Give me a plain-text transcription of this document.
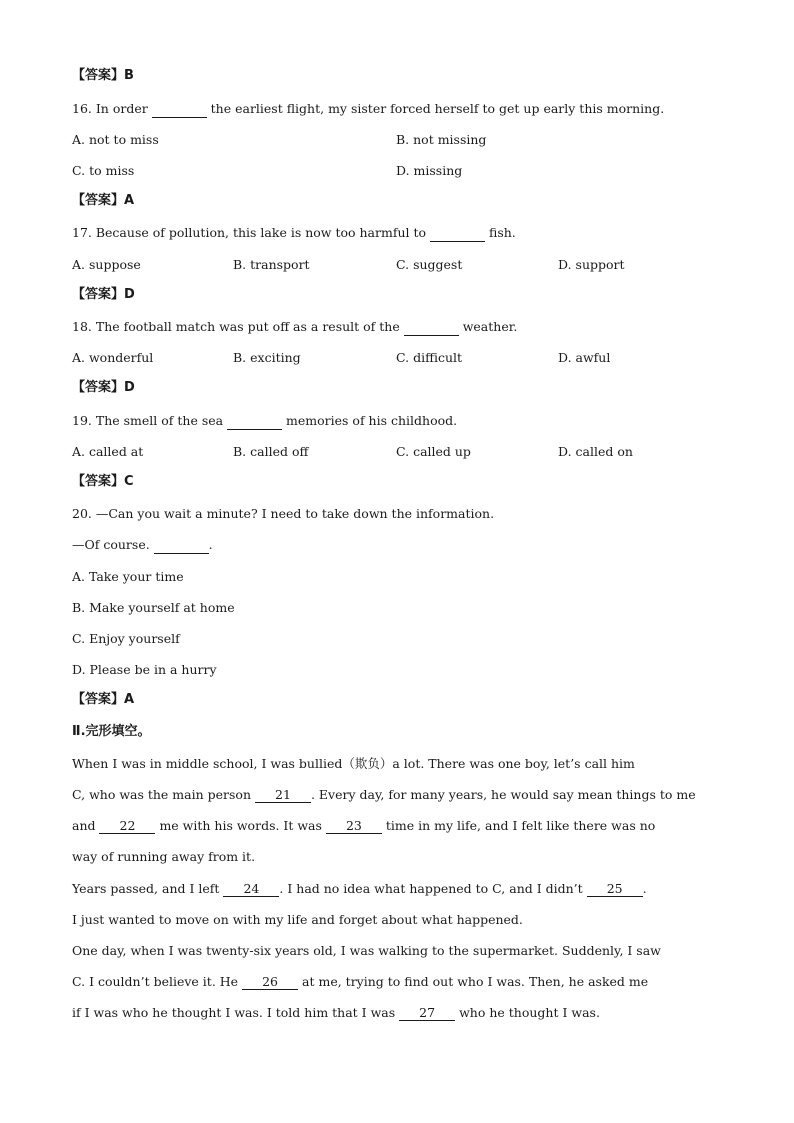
【答案】B
16. In order	the earliest flight, my sister forced herself to get up early this morning.
A. not to miss	B. not missing
C. to miss	D. missing
【答案】A
17. Because of pollution, this lake is now too harmful to	fish.
A. suppose	B. transport	C. suggest	D. support
【答案】D
18. The football match was put off as a result of the	weather.
A. wonderful	B. exciting	C. difficult	D. awful
【答案】D
19. The smell of the sea	memories of his childhood.
A. called at	B. called off	C. called up	D. called on
【答案】C
20. —Can you wait a minute? I need to take down the information.
—Of course.	.
A. Take your time
B. Make yourself at home
C. Enjoy yourself
D. Please be in a hurry
【答案】A
Ⅱ.完形填空。
When I was in middle school, I was bullied（欺负）a lot. There was one boy, let’s call him
C, who was the main person 21 . Every day, for many years, he would say mean things to me
and 22 me with his words. It was 23 time in my life, and I felt like there was no
way of running away from it.
Years passed, and I left 24 . I had no idea what happened to C, and I didn’t 25 .
I just wanted to move on with my life and forget about what happened.
One day, when I was twenty-six years old, I was walking to the supermarket. Suddenly, I saw
C. I couldn’t believe it. He 26 at me, trying to find out who I was. Then, he asked me
if I was who he thought I was. I told him that I was 27 who he thought I was.
